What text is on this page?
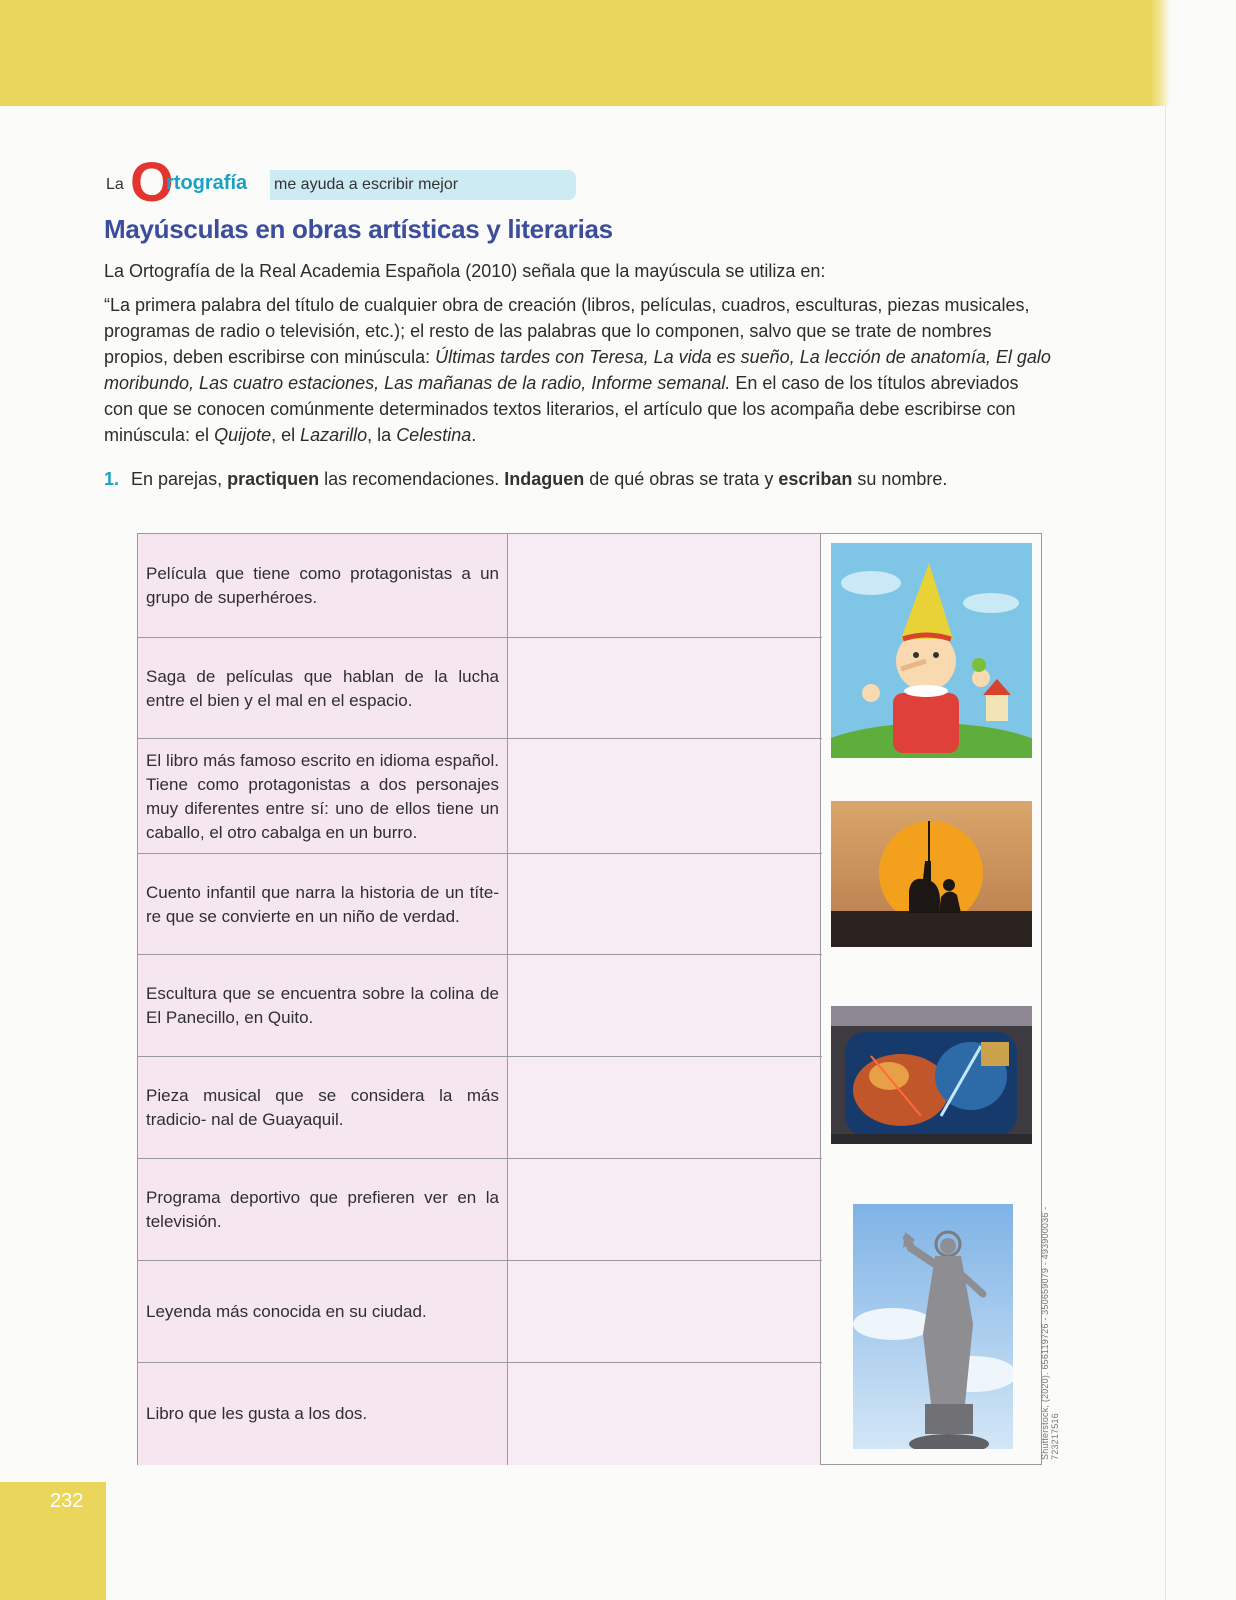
La O
rtografía me ayuda a escribir mejor
Mayúsculas en obras artísticas y literarias
La Ortografía de la Real Academia Española (2010) señala que la mayúscula se utiliza en:
“La primera palabra del título de cualquier obra de creación (libros, películas, cuadros, esculturas, piezas musicales, programas de radio o televisión, etc.); el resto de las palabras que lo componen, salvo que se trate de nombres propios, deben escribirse con minúscula: Últimas tardes con Teresa, La vida es sueño, La lección de anatomía, El galo moribundo, Las cuatro estaciones, Las mañanas de la radio, Informe semanal. En el caso de los títulos abreviados con que se conocen comúnmente determinados textos literarios, el artículo que los acompaña debe escribirse con minúscula: el Quijote, el Lazarillo, la Celestina.
1. En parejas, practiquen las recomendaciones. Indaguen de qué obras se trata y escriban su nombre.
Película que tiene como protagonistas a un grupo de superhéroes.
Saga de películas que hablan de la lucha entre el bien y el mal en el espacio.
El libro más famoso escrito en idioma español. Tiene como protagonistas a dos personajes muy diferentes entre sí: uno de ellos tiene un caballo, el otro cabalga en un burro.
Cuento infantil que narra la historia de un títe- re que se convierte en un niño de verdad.
Escultura que se encuentra sobre la colina de El Panecillo, en Quito.
Pieza musical que se considera la más tradicio- nal de Guayaquil.
Programa deportivo que prefieren ver en la televisión.
Leyenda más conocida en su ciudad.
Libro que les gusta a los dos.	Shutterstock, (2020). 656119726 - 350659079 - 493900036 - 723217516
232
